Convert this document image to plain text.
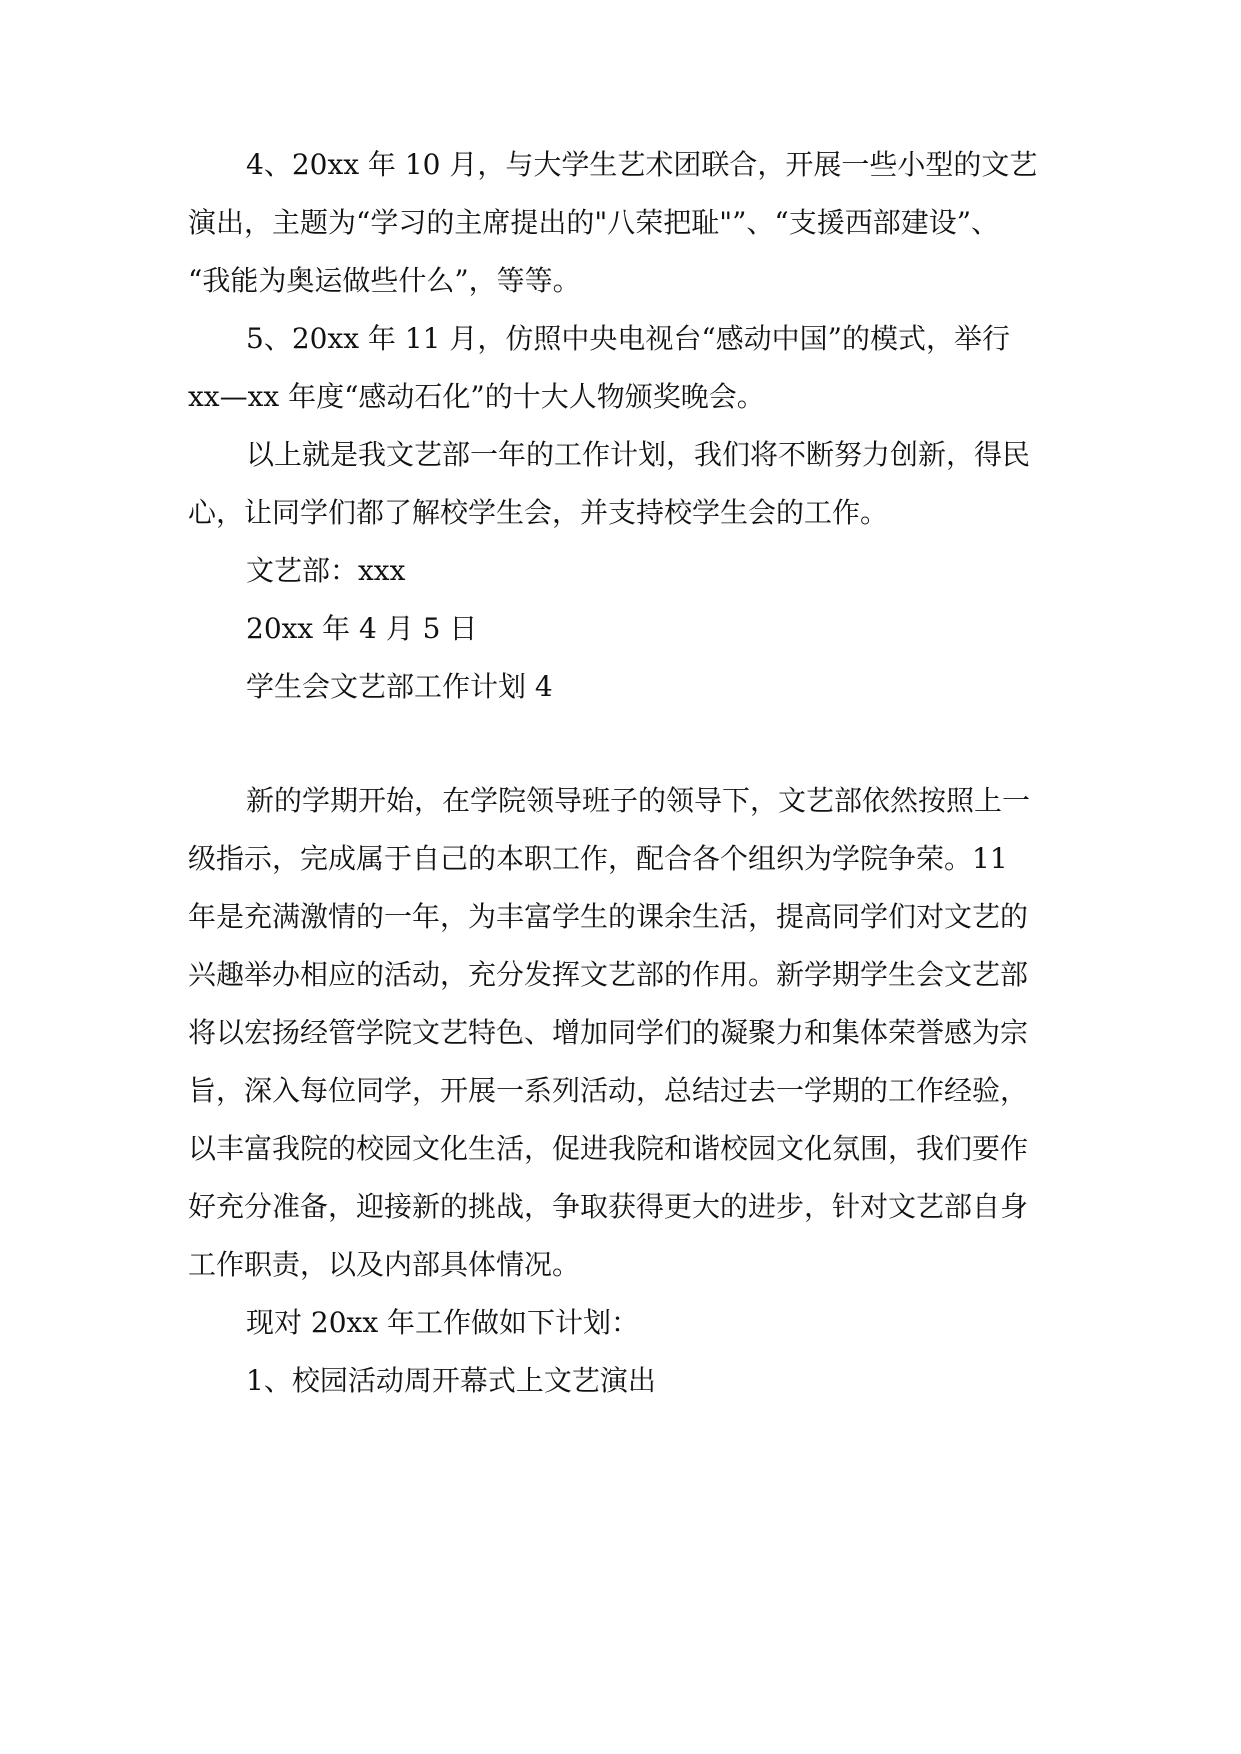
4、20xx 年 10 月，与大学生艺术团联合，开展一些小型的文艺
演出，主题为“学习的主席提出的"八荣把耻"”、“支援西部建设”、
“我能为奥运做些什么”，等等。
5、20xx 年 11 月，仿照中央电视台“感动中国”的模式，举行
xx—xx 年度“感动石化”的十大人物颁奖晚会。
以上就是我文艺部一年的工作计划，我们将不断努力创新，得民
心，让同学们都了解校学生会，并支持校学生会的工作。
文艺部：xxx
20xx 年 4 月 5 日
学生会文艺部工作计划 4
新的学期开始，在学院领导班子的领导下，文艺部依然按照上一
级指示，完成属于自己的本职工作，配合各个组织为学院争荣。11
年是充满激情的一年，为丰富学生的课余生活，提高同学们对文艺的
兴趣举办相应的活动，充分发挥文艺部的作用。新学期学生会文艺部
将以宏扬经管学院文艺特色、增加同学们的凝聚力和集体荣誉感为宗
旨，深入每位同学，开展一系列活动，总结过去一学期的工作经验，
以丰富我院的校园文化生活，促进我院和谐校园文化氛围，我们要作
好充分准备，迎接新的挑战，争取获得更大的进步，针对文艺部自身
工作职责，以及内部具体情况。
现对 20xx 年工作做如下计划：
1、校园活动周开幕式上文艺演出
